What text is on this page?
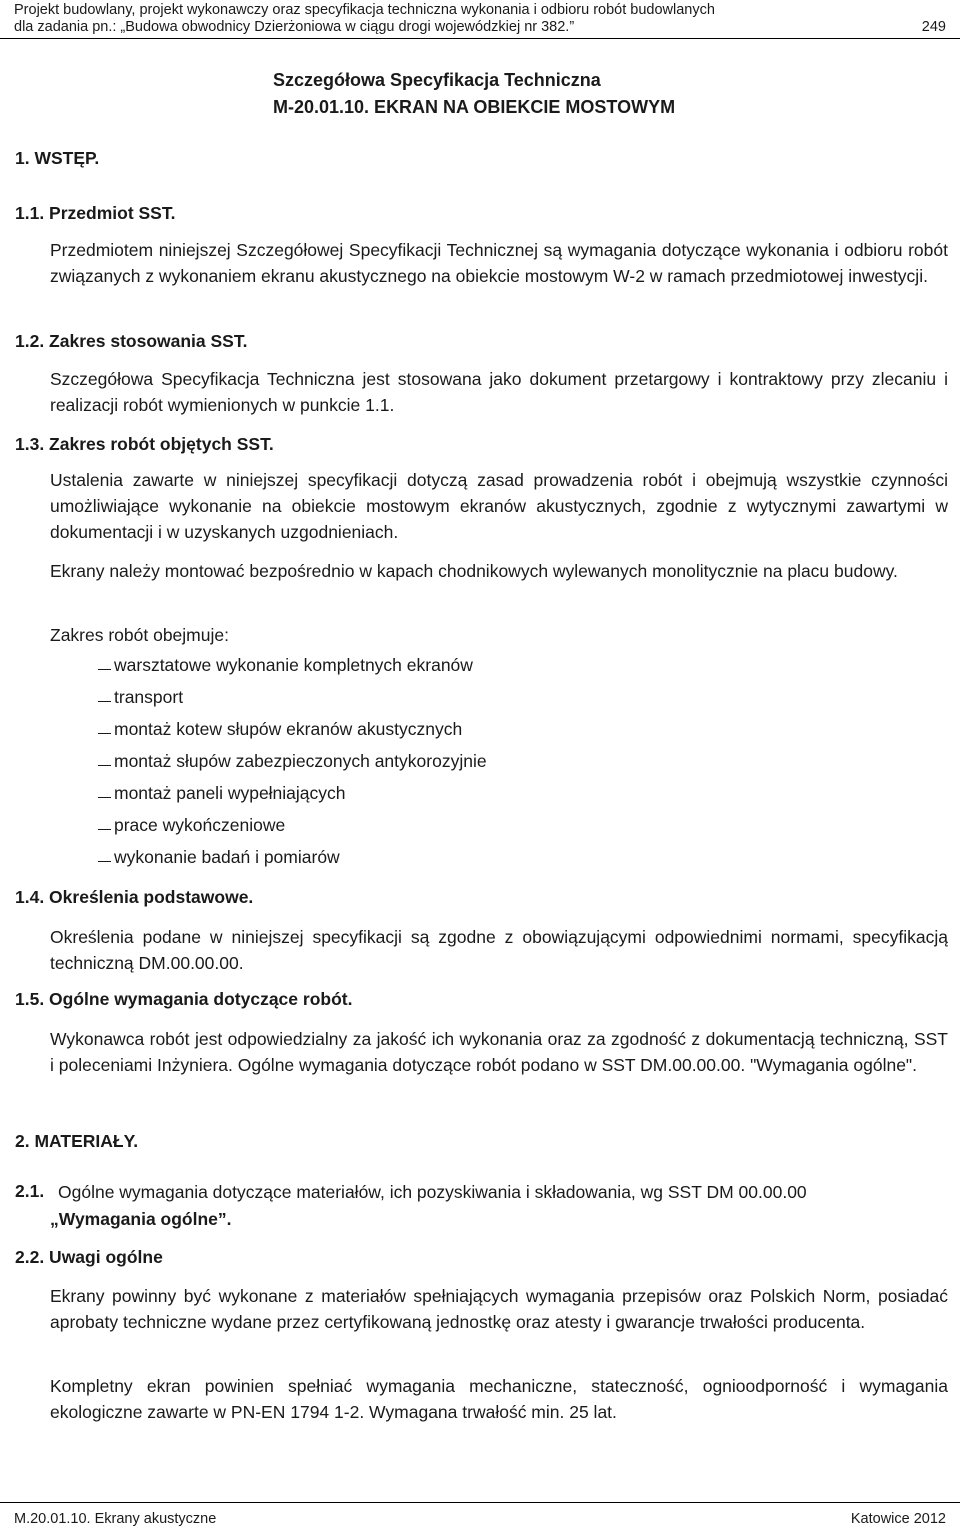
Projekt budowlany, projekt wykonawczy oraz specyfikacja techniczna wykonania i odbioru robót budowlanych
dla zadania pn.: „Budowa obwodnicy Dzierżoniowa w ciągu drogi wojewódzkiej nr 382.”	249
Szczegółowa Specyfikacja Techniczna
M-20.01.10. EKRAN NA OBIEKCIE MOSTOWYM
1. WSTĘP.
1.1. Przedmiot SST.
Przedmiotem niniejszej Szczegółowej Specyfikacji Technicznej są wymagania dotyczące wykonania i odbioru robót związanych z wykonaniem ekranu akustycznego na obiekcie mostowym W-2 w ramach przedmiotowej inwestycji.
1.2. Zakres stosowania SST.
Szczegółowa Specyfikacja Techniczna jest stosowana jako dokument przetargowy i kontraktowy przy zlecaniu i realizacji robót wymienionych w punkcie 1.1.
1.3. Zakres robót objętych SST.
Ustalenia zawarte w niniejszej specyfikacji dotyczą zasad prowadzenia robót i obejmują wszystkie czynności umożliwiające wykonanie na obiekcie mostowym ekranów akustycznych, zgodnie z wytycznymi zawartymi w dokumentacji i w uzyskanych uzgodnieniach.
Ekrany należy montować bezpośrednio w kapach chodnikowych wylewanych monolitycznie na placu budowy.
Zakres robót obejmuje:
warsztatowe wykonanie kompletnych ekranów
transport
montaż kotew słupów ekranów akustycznych
montaż słupów zabezpieczonych antykorozyjnie
montaż paneli wypełniających
prace wykończeniowe
wykonanie badań i pomiarów
1.4. Określenia podstawowe.
Określenia podane w niniejszej specyfikacji są zgodne z obowiązującymi odpowiednimi normami, specyfikacją techniczną DM.00.00.00.
1.5. Ogólne wymagania dotyczące robót.
Wykonawca robót jest odpowiedzialny za jakość ich wykonania oraz za zgodność z dokumentacją techniczną, SST i poleceniami Inżyniera. Ogólne wymagania dotyczące robót podano w SST DM.00.00.00. "Wymagania ogólne".
2. MATERIAŁY.
2.1. Ogólne wymagania dotyczące materiałów, ich pozyskiwania i składowania, wg SST DM 00.00.00
„Wymagania ogólne”.
2.2. Uwagi ogólne
Ekrany powinny być wykonane z materiałów spełniających wymagania przepisów oraz Polskich Norm, posiadać aprobaty techniczne wydane przez certyfikowaną jednostkę oraz atesty i gwarancje trwałości producenta.
Kompletny ekran powinien spełniać wymagania mechaniczne, stateczność, ognioodporność i wymagania ekologiczne zawarte w PN-EN 1794 1-2. Wymagana trwałość min. 25 lat.
M.20.01.10. Ekrany akustyczne	Katowice 2012
